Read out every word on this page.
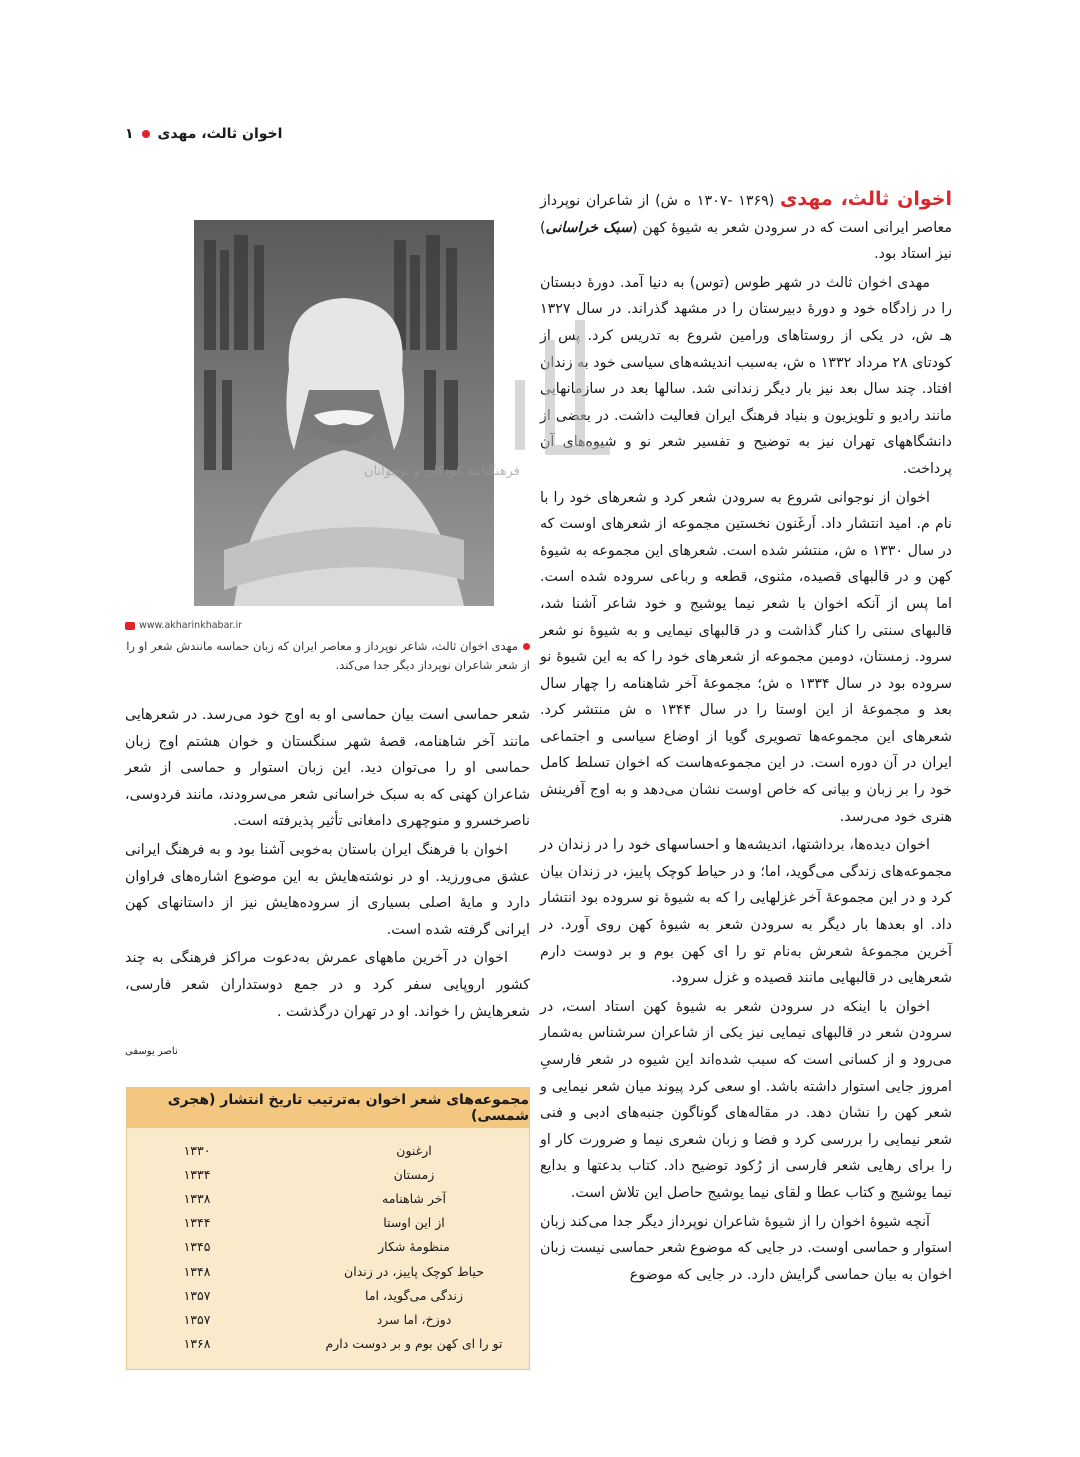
۱ اخوان ثالث، مهدی

اخوان ثالث، مهدی (۱۳۶۹ -۱۳۰۷ ه ش) از شاعران نوپرداز معاصر ایرانی است که در سرودن شعر به شیوهٔ کهن (سبک خراسانی) نیز استاد بود.

مهدی اخوان ثالث در شهر طوس (توس) به دنیا آمد. دورهٔ دبستان را در زادگاه خود و دورهٔ دبیرستان را در مشهد گذراند. در سال ۱۳۲۷ هـ ش، در یکی از روستاهای ورامین شروع به تدریس کرد. پس از کودتای ۲۸ مرداد ۱۳۳۲ ه ش، به‌سبب اندیشه‌های سیاسی خود به زندان افتاد. چند سال بعد نیز بار دیگر زندانی شد. سالها بعد در سازمانهایی مانند رادیو و تلویزیون و بنیاد فرهنگ ایران فعالیت داشت. در بعضی از دانشگاههای تهران نیز به توضیح و تفسیر شعر نو و شیوه‌های آن پرداخت.

اخوان از نوجوانی شروع به سرودن شعر کرد و شعرهای خود را با نام م. امید انتشار داد. اَرغَنون نخستین مجموعه از شعرهای اوست که در سال ۱۳۳۰ ه ش، منتشر شده است. شعرهای این مجموعه به شیوهٔ کهن و در قالبهای قصیده، مثنوی، قطعه و رباعی سروده شده است. اما پس از آنکه اخوان با شعر نیما یوشیج و خود شاعر آشنا شد، قالبهای سنتی را کنار گذاشت و در قالبهای نیمایی و به شیوهٔ نو شعر سرود. زمستان، دومین مجموعه از شعرهای خود را که به این شیوهٔ نو سروده بود در سال ۱۳۳۴ ه ش؛ مجموعهٔ آخر شاهنامه را چهار سال بعد و مجموعهٔ از این اوستا را در سال ۱۳۴۴ ه ش منتشر کرد. شعرهای این مجموعه‌ها تصویری گویا از اوضاع سیاسی و اجتماعی ایران در آن دوره است. در این مجموعه‌هاست که اخوان تسلط کامل خود را بر زبان و بیانی که خاص اوست نشان می‌دهد و به اوج آفرینش هنری خود می‌رسد.

اخوان دیده‌ها، برداشتها، اندیشه‌ها و احساسهای خود را در زندان در مجموعه‌های زندگی می‌گوید، اما؛ و در حیاط کوچک پاییز، در زندان بیان کرد و در این مجموعهٔ آخر غزلهایی را که به شیوهٔ نو سروده بود انتشار داد. او بعدها بار دیگر به سرودن شعر به شیوهٔ کهن روی آورد. در آخرین مجموعهٔ شعرش به‌نام تو را ای کهن بوم و بر دوست دارم شعرهایی در قالبهایی مانند قصیده و غزل سرود.

اخوان با اینکه در سرودن شعر به شیوهٔ کهن استاد است، در سرودن شعر در قالبهای نیمایی نیز یکی از شاعران سرشناس به‌شمار می‌رود و از کسانی است که سبب شده‌اند این شیوه در شعر فارسیِ امروز جایی استوار داشته باشد. او سعی کرد پیوند میان شعر نیمایی و شعر کهن را نشان دهد. در مقاله‌های گوناگون جنبه‌های ادبی و فنی شعر نیمایی را بررسی کرد و فضا و زبان شعری نیما و ضرورت کار او را برای رهایی شعر فارسی از رُکود توضیح داد. کتاب بدعتها و بدایع نیما یوشیج و کتاب عطا و لقای نیما یوشیج حاصل این تلاش است.

آنچه شیوهٔ اخوان را از شیوهٔ شاعران نوپرداز دیگر جدا می‌کند زبان استوار و حماسی اوست. در جایی که موضوع شعر حماسی نیست زبان اخوان به بیان حماسی گرایش دارد. در جایی که موضوع

فرهنگنامهٔ کودکان و نوجوانان
www.akharinkhabar.ir
مهدی اخوان ثالث، شاعر نوپرداز و معاصر ایران که زبان حماسه مانندش شعر او را از شعر شاعران نوپرداز دیگر جدا می‌کند.

شعر حماسی است بیان حماسی او به اوج خود می‌رسد. در شعرهایی مانند آخر شاهنامه، قصهٔ شهر سنگستان و خوان هشتم اوج زبان حماسی او را می‌توان دید. این زبان استوار و حماسی از شعر شاعران کهنی که به سبک خراسانی شعر می‌سرودند، مانند فردوسی، ناصرخسرو و منوچهری دامغانی تأثیر پذیرفته است.

اخوان با فرهنگ ایران باستان به‌خوبی آشنا بود و به فرهنگ ایرانی عشق می‌ورزید. او در نوشته‌هایش به این موضوع اشاره‌های فراوان دارد و مایهٔ اصلی بسیاری از سروده‌هایش نیز از داستانهای کهن ایرانی گرفته شده است.

اخوان در آخرین ماههای عمرش به‌دعوت مراکز فرهنگی به چند کشور اروپایی سفر کرد و در جمع دوستداران شعر فارسی، شعرهایش را خواند. او در تهران درگذشت .

ناصر یوسفی
مجموعه‌های شعر اخوان به‌ترتیب تاریخ انتشار (هجری شمسی)
ارغنون
۱۳۳۰
زمستان
۱۳۳۴
آخر شاهنامه
۱۳۳۸
از این اوستا
۱۳۴۴
منظومهٔ شکار
۱۳۴۵
حیاط کوچک پاییز، در زندان
۱۳۴۸
زندگی می‌گوید، اما
۱۳۵۷
دوزخ، اما سرد
۱۳۵۷
تو را ای کهن بوم و بر دوست دارم
۱۳۶۸
